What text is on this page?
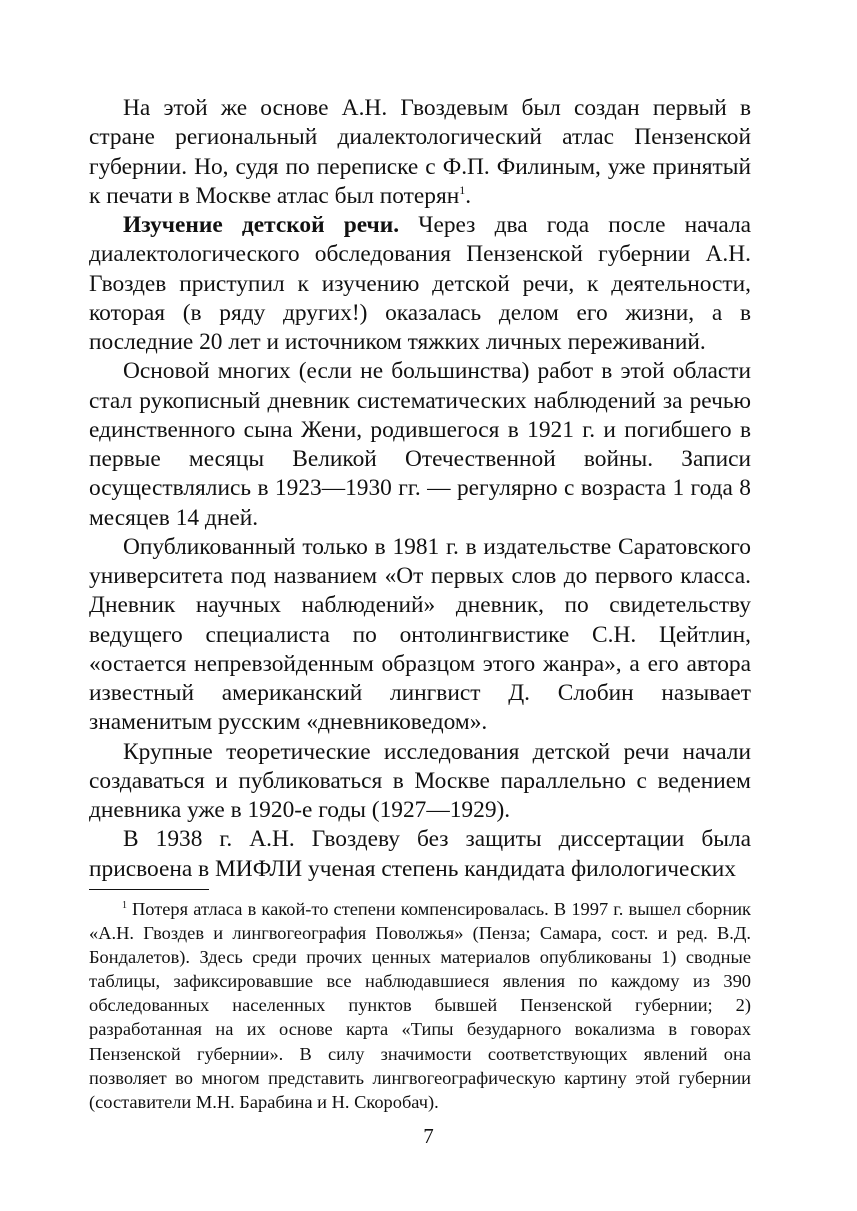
На этой же основе А.Н. Гвоздевым был создан первый в стране региональный диалектологический атлас Пензенской губернии. Но, судя по переписке с Ф.П. Филиным, уже принятый к печати в Москве атлас был потерян$^1$.

Изучение детской речи. Через два года после начала диалектологического обследования Пензенской губернии А.Н. Гвоздев приступил к изучению детской речи, к деятельности, которая (в ряду других!) оказалась делом его жизни, а в последние 20 лет и источником тяжких личных переживаний.

Основой многих (если не большинства) работ в этой области стал рукописный дневник систематических наблюдений за речью единственного сына Жени, родившегося в 1921 г. и погибшего в первые месяцы Великой Отечественной войны. Записи осуществлялись в 1923—1930 гг. — регулярно с возраста 1 года 8 месяцев 14 дней.

Опубликованный только в 1981 г. в издательстве Саратовского университета под названием «От первых слов до первого класса. Дневник научных наблюдений» дневник, по свидетельству ведущего специалиста по онтолингвистике С.Н. Цейтлин, «остается непревзойденным образцом этого жанра», а его автора известный американский лингвист Д. Слобин называет знаменитым русским «дневниковедом».

Крупные теоретические исследования детской речи начали создаваться и публиковаться в Москве параллельно с ведением дневника уже в 1920-е годы (1927—1929).

В 1938 г. А.Н. Гвоздеву без защиты диссертации была присвоена в МИФЛИ ученая степень кандидата филологических

$^1$ Потеря атласа в какой-то степени компенсировалась. В 1997 г. вышел сборник «А.Н. Гвоздев и лингвогеография Поволжья» (Пенза; Самара, сост. и ред. В.Д. Бондалетов). Здесь среди прочих ценных материалов опубликованы 1) сводные таблицы, зафиксировавшие все наблюдавшиеся явления по каждому из 390 обследованных населенных пунктов бывшей Пензенской губернии; 2) разработанная на их основе карта «Типы безударного вокализма в говорах Пензенской губернии». В силу значимости соответствующих явлений она позволяет во многом представить лингвогеографическую картину этой губернии (составители М.Н. Барабина и Н. Скоробач).

7
